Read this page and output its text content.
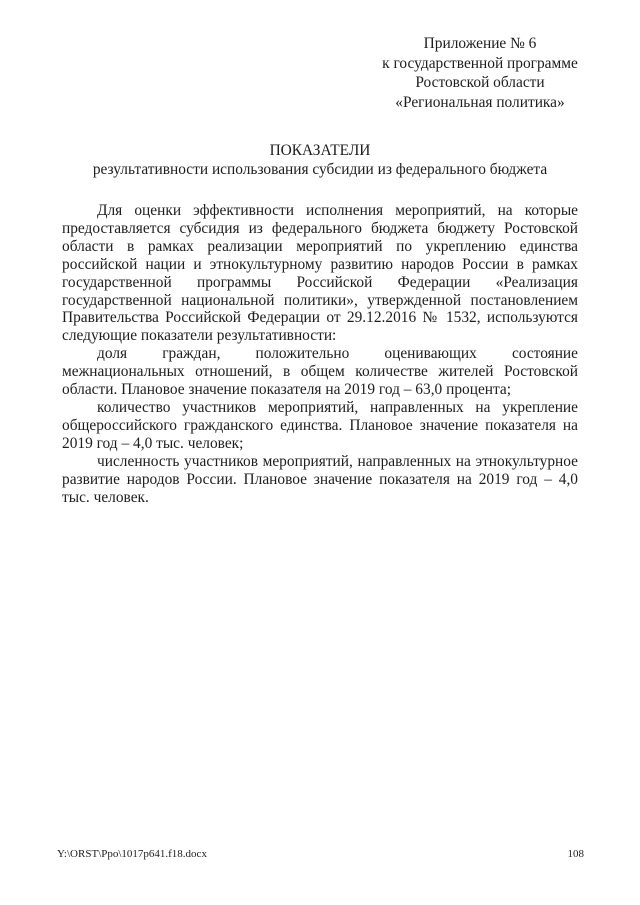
Приложение № 6
к государственной программе
Ростовской области
«Региональная политика»
ПОКАЗАТЕЛИ
результативности использования субсидии из федерального бюджета

Для оценки эффективности исполнения мероприятий, на которые предоставляется субсидия из федерального бюджета бюджету Ростовской области в рамках реализации мероприятий по укреплению единства российской нации и этнокультурному развитию народов России в рамках государственной программы Российской Федерации «Реализация государственной национальной политики», утвержденной постановлением Правительства Российской Федерации от 29.12.2016 № 1532, используются следующие показатели результативности:

доля граждан, положительно оценивающих состояние межнациональных отношений, в общем количестве жителей Ростовской области. Плановое значение показателя на 2019 год – 63,0 процента;

количество участников мероприятий, направленных на укрепление общероссийского гражданского единства. Плановое значение показателя на 2019 год – 4,0 тыс. человек;

численность участников мероприятий, направленных на этнокультурное развитие народов России. Плановое значение показателя на 2019 год – 4,0 тыс. человек.

Y:\ORST\Ppo\1017p641.f18.docx	108
